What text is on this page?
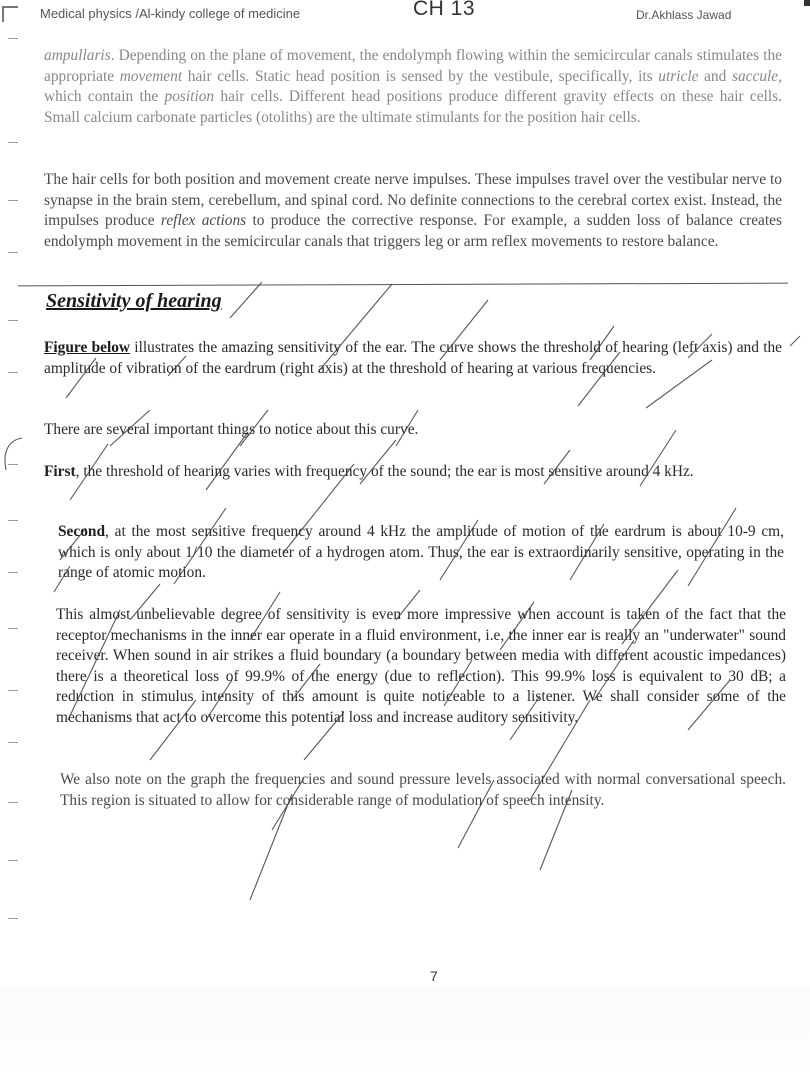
Medical physics /Al-kindy college of medicine	CH 13	Dr.Akhlass Jawad
ampullaris. Depending on the plane of movement, the endolymph flowing within the semicircular canals stimulates the appropriate movement hair cells. Static head position is sensed by the vestibule, specifically, its utricle and saccule, which contain the position hair cells. Different head positions produce different gravity effects on these hair cells. Small calcium carbonate particles (otoliths) are the ultimate stimulants for the position hair cells.
The hair cells for both position and movement create nerve impulses. These impulses travel over the vestibular nerve to synapse in the brain stem, cerebellum, and spinal cord. No definite connections to the cerebral cortex exist. Instead, the impulses produce reflex actions to produce the corrective response. For example, a sudden loss of balance creates endolymph movement in the semicircular canals that triggers leg or arm reflex movements to restore balance.
Sensitivity of hearing
Figure below illustrates the amazing sensitivity of the ear. The curve shows the threshold of hearing (left axis) and the amplitude of vibration of the eardrum (right axis) at the threshold of hearing at various frequencies.
There are several important things to notice about this curve.
First, the threshold of hearing varies with frequency of the sound; the ear is most sensitive around 4 kHz.
Second, at the most sensitive frequency around 4 kHz the amplitude of motion of the eardrum is about 10-9 cm, which is only about 1/10 the diameter of a hydrogen atom. Thus, the ear is extraordinarily sensitive, operating in the range of atomic motion.
This almost unbelievable degree of sensitivity is even more impressive when account is taken of the fact that the receptor mechanisms in the inner ear operate in a fluid environment, i.e, the inner ear is really an "underwater" sound receiver. When sound in air strikes a fluid boundary (a boundary between media with different acoustic impedances) there is a theoretical loss of 99.9% of the energy (due to reflection). This 99.9% loss is equivalent to 30 dB; a reduction in stimulus intensity of this amount is quite noticeable to a listener. We shall consider some of the mechanisms that act to overcome this potential loss and increase auditory sensitivity.
We also note on the graph the frequencies and sound pressure levels associated with normal conversational speech. This region is situated to allow for considerable range of modulation of speech intensity.
7
